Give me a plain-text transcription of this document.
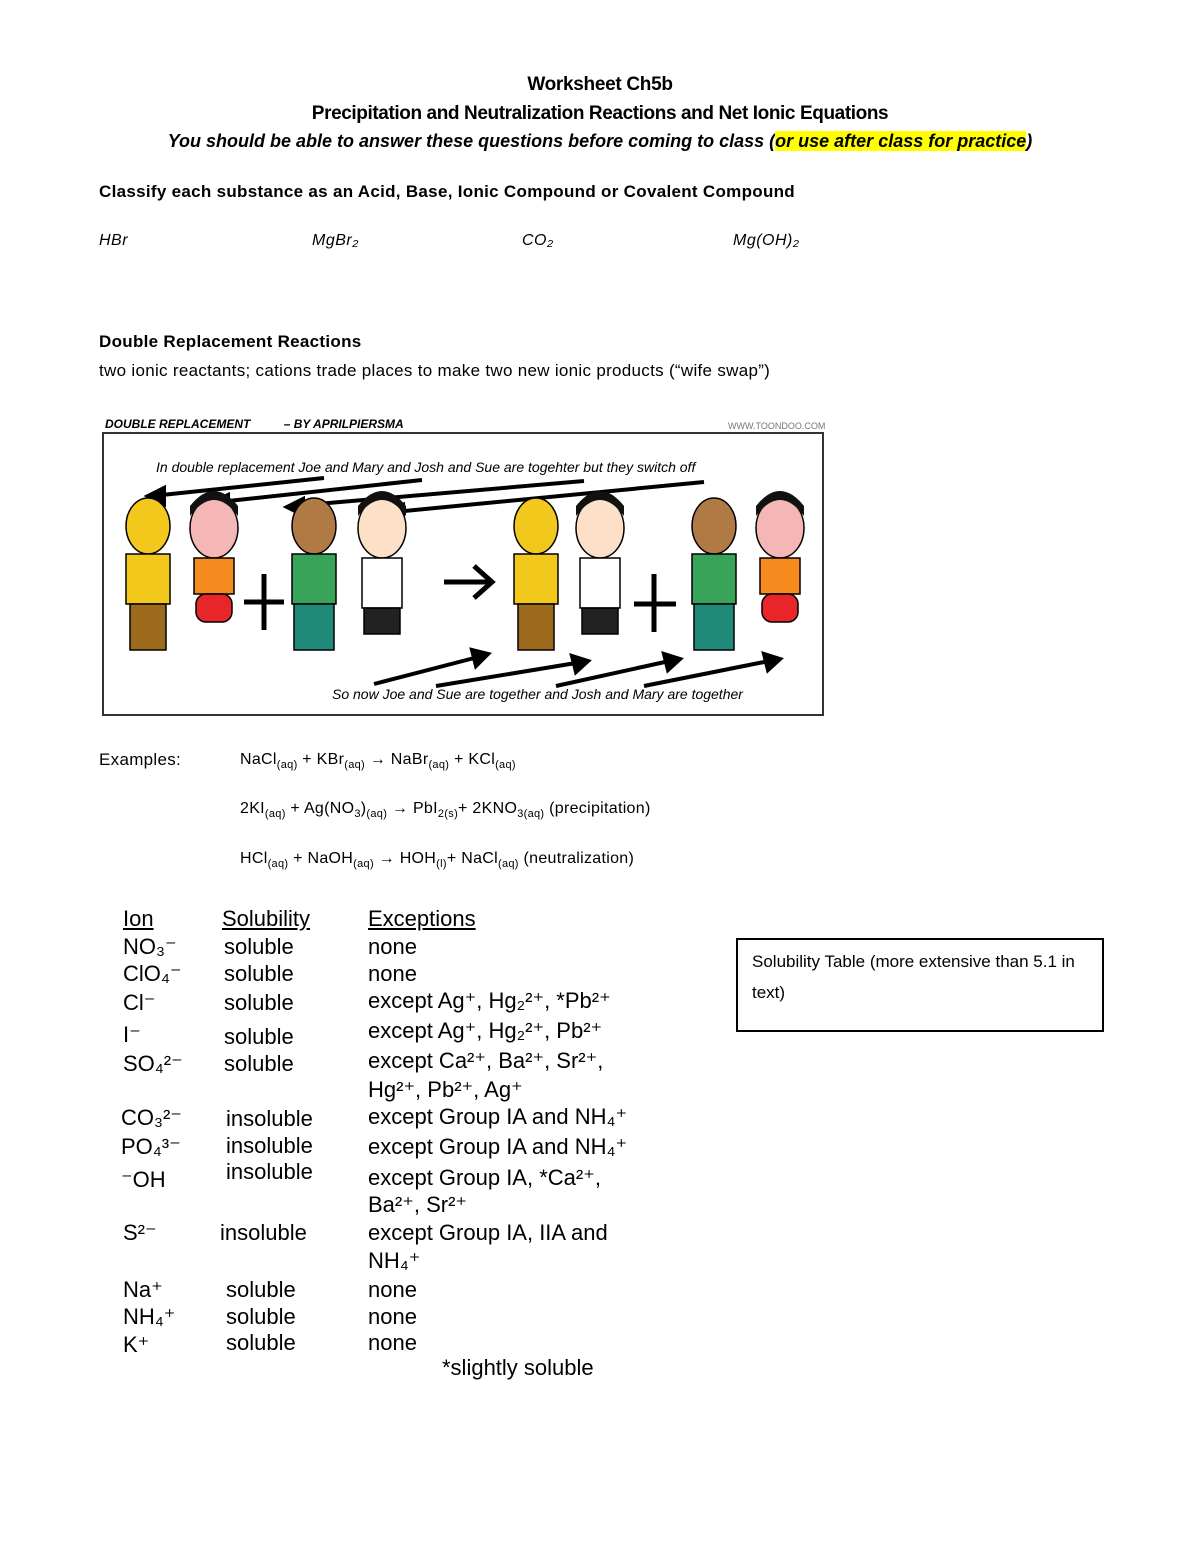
Worksheet Ch5b
Precipitation and Neutralization Reactions and Net Ionic Equations
You should be able to answer these questions before coming to class (or use after class for practice)
Classify each substance as an Acid, Base, Ionic Compound or Covalent Compound
HBr	MgBr₂	CO₂	Mg(OH)₂
Double Replacement Reactions
two ionic reactants; cations trade places to make two new ionic products (“wife swap”)
DOUBLE REPLACEMENT	– BY APRILPIERSMA	WWW.TOONDOO.COM
In double replacement Joe and Mary and Josh and Sue are togehter but they switch off
So now Joe and Sue are together and Josh and Mary are together
Examples:	NaCl$_{(aq)}$ + KBr$_{(aq)}$ → NaBr$_{(aq)}$ + KCl$_{(aq)}$
$2KI_{(aq)} + Ag(NO_3)_{(aq)} \to PbI_{2(s)}+ 2KNO_{3(aq)}$ (precipitation)
HCl$_{(aq)}$ + NaOH$_{(aq)}$ → $HOH_{(l)}+$ NaCl$_{(aq)}$ (neutralization)
Ion	Solubility	Exceptions
NO₃⁻ soluble	none
ClO₄⁻ soluble	none
Cl⁻	soluble	except Ag⁺, Hg₂²⁺, *Pb²⁺
I⁻	soluble	except Ag⁺, Hg₂²⁺, Pb²⁺
SO₄²⁻ soluble	except Ca²⁺, Ba²⁺, Sr²⁺,
Hg²⁺, Pb²⁺, Ag⁺
CO₃²⁻ insoluble	except Group IA and NH₄⁺
PO₄³⁻ insoluble	except Group IA and NH₄⁺
⁻OH	insoluble	except Group IA, *Ca²⁺,
Ba²⁺, Sr²⁺
S²⁻	insoluble	except Group IA, IIA and
NH₄⁺
Na⁺	soluble	none
NH₄⁺ soluble	none
K⁺	soluble	none
*slightly soluble
Solubility Table (more extensive than 5.1 in text)
